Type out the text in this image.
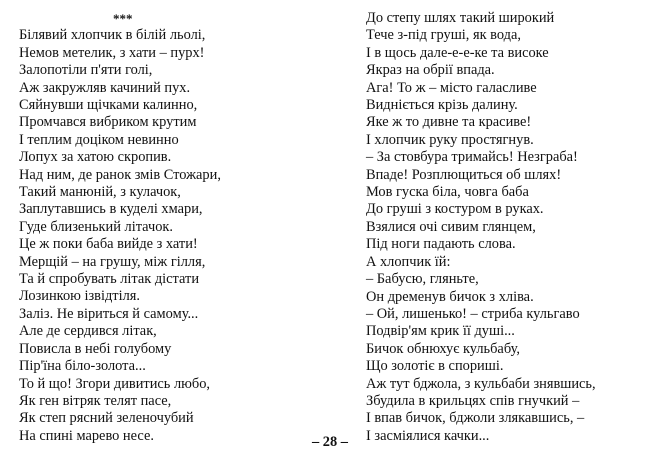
***
Білявий хлопчик в білій льолі,
Немов метелик, з хати – пурх!
Залопотіли п'яти голі,
Аж закружляв качиний пух.
Сяйнувши щічками калинно,
Промчався вибриком крутим
І теплим доціком невинно
Лопух за хатою скропив.
Над ним, де ранок змів Стожари,
Такий манюній, з кулачок,
Заплутавшись в куделі хмари,
Гуде близенький літачок.
Це ж поки баба вийде з хати!
Мерщій – на грушу, між гілля,
Та й спробувать літак дістати
Лозинкою ізвідтіля.
Заліз. Не віриться й самому...
Але де сердився літак,
Повисла в небі голубому
Пір'їна біло-золота...
То й що! Згори дивитись любо,
Як ген вітряк телят пасе,
Як степ рясний зеленочубий
На спині марево несе.
До степу шлях такий широкий
Тече з-під груші, як вода,
І в щось дале-е-е-ке та високе
Якраз на обрії впада.
Ага! То ж – місто галасливе
Видніється крізь далину.
Яке ж то дивне та красиве!
І хлопчик руку простягнув.
– За стовбура тримайсь! Незграба!
Впаде! Розплющиться об шлях!
Мов гуска біла, човга баба
До груші з костуром в руках.
Взялися очі сивим глянцем,
Під ноги падають слова.
А хлопчик їй:
– Бабусю, гляньте,
Он дременув бичок з хліва.
– Ой, лишенько! – стриба кульгаво
Подвір'ям крик її душі...
Бичок обнюхує кульбабу,
Що золотіє в спориші.
Аж тут бджола, з кульбаби знявшись,
Збудила в крильцях спів гнучкий –
І впав бичок, бджоли злякавшись, –
І засміялися качки...
– 28 –
